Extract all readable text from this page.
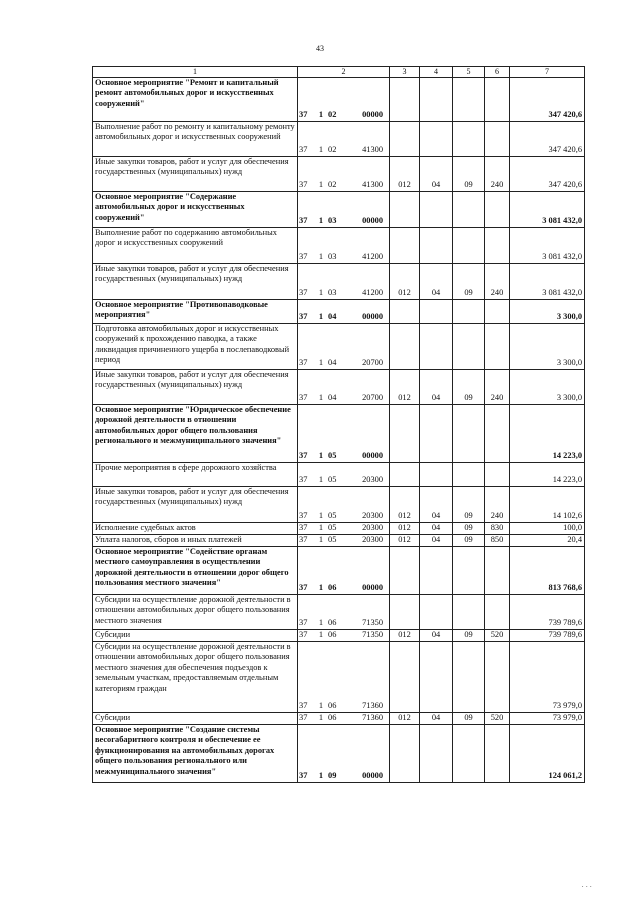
43
1	2	3	4	5	6	7
Основное мероприятие "Ремонт и капитальный ремонт автомобильных дорог и искусственных сооружений"	37 1 02 00000					347 420,6
Выполнение работ по ремонту и капитальному ремонту автомобильных дорог и искусственных сооружений	37 1 02 41300					347 420,6
Иные закупки товаров, работ и услуг для обеспечения государственных (муниципальных) нужд	37 1 02 41300	012	04	09	240	347 420,6
Основное мероприятие "Содержание автомобильных дорог и искусственных сооружений"	37 1 03 00000					3 081 432,0
Выполнение работ по содержанию автомобильных дорог и искусственных сооружений	37 1 03 41200					3 081 432,0
Иные закупки товаров, работ и услуг для обеспечения государственных (муниципальных) нужд	37 1 03 41200	012	04	09	240	3 081 432,0
Основное мероприятие "Противопаводковые мероприятия"	37 1 04 00000					3 300,0
Подготовка автомобильных дорог и искусственных сооружений к прохождению паводка, а также ликвидация причиненного ущерба в послепаводковый период	37 1 04 20700					3 300,0
Иные закупки товаров, работ и услуг для обеспечения государственных (муниципальных) нужд	37 1 04 20700	012	04	09	240	3 300,0
Основное мероприятие "Юридическое обеспечение дорожной деятельности в отношении автомобильных дорог общего пользования регионального и межмуниципального значения"	37 1 05 00000					14 223,0
Прочие мероприятия в сфере дорожного хозяйства	37 1 05 20300					14 223,0
Иные закупки товаров, работ и услуг для обеспечения государственных (муниципальных) нужд	37 1 05 20300	012	04	09	240	14 102,6
Исполнение судебных актов	37 1 05 20300	012	04	09	830	100,0
Уплата налогов, сборов и иных платежей	37 1 05 20300	012	04	09	850	20,4
Основное мероприятие "Содействие органам местного самоуправления в осуществлении дорожной деятельности в отношении дорог общего пользования местного значения"	37 1 06 00000					813 768,6
Субсидии на осуществление дорожной деятельности в отношении автомобильных дорог общего пользования местного значения	37 1 06 71350					739 789,6
Субсидии	37 1 06 71350	012	04	09	520	739 789,6
Субсидии на осуществление дорожной деятельности в отношении автомобильных дорог общего пользования местного значения для обеспечения подъездов к земельным участкам, предоставляемым отдельным категориям граждан	37 1 06 71360					73 979,0
Субсидии	37 1 06 71360	012	04	09	520	73 979,0
Основное мероприятие "Создание системы весогабаритного контроля и обеспечение ее функционирования на автомобильных дорогах общего пользования регионального или межмуниципального значения"	37 1 09 00000					124 061,2
· · ·
